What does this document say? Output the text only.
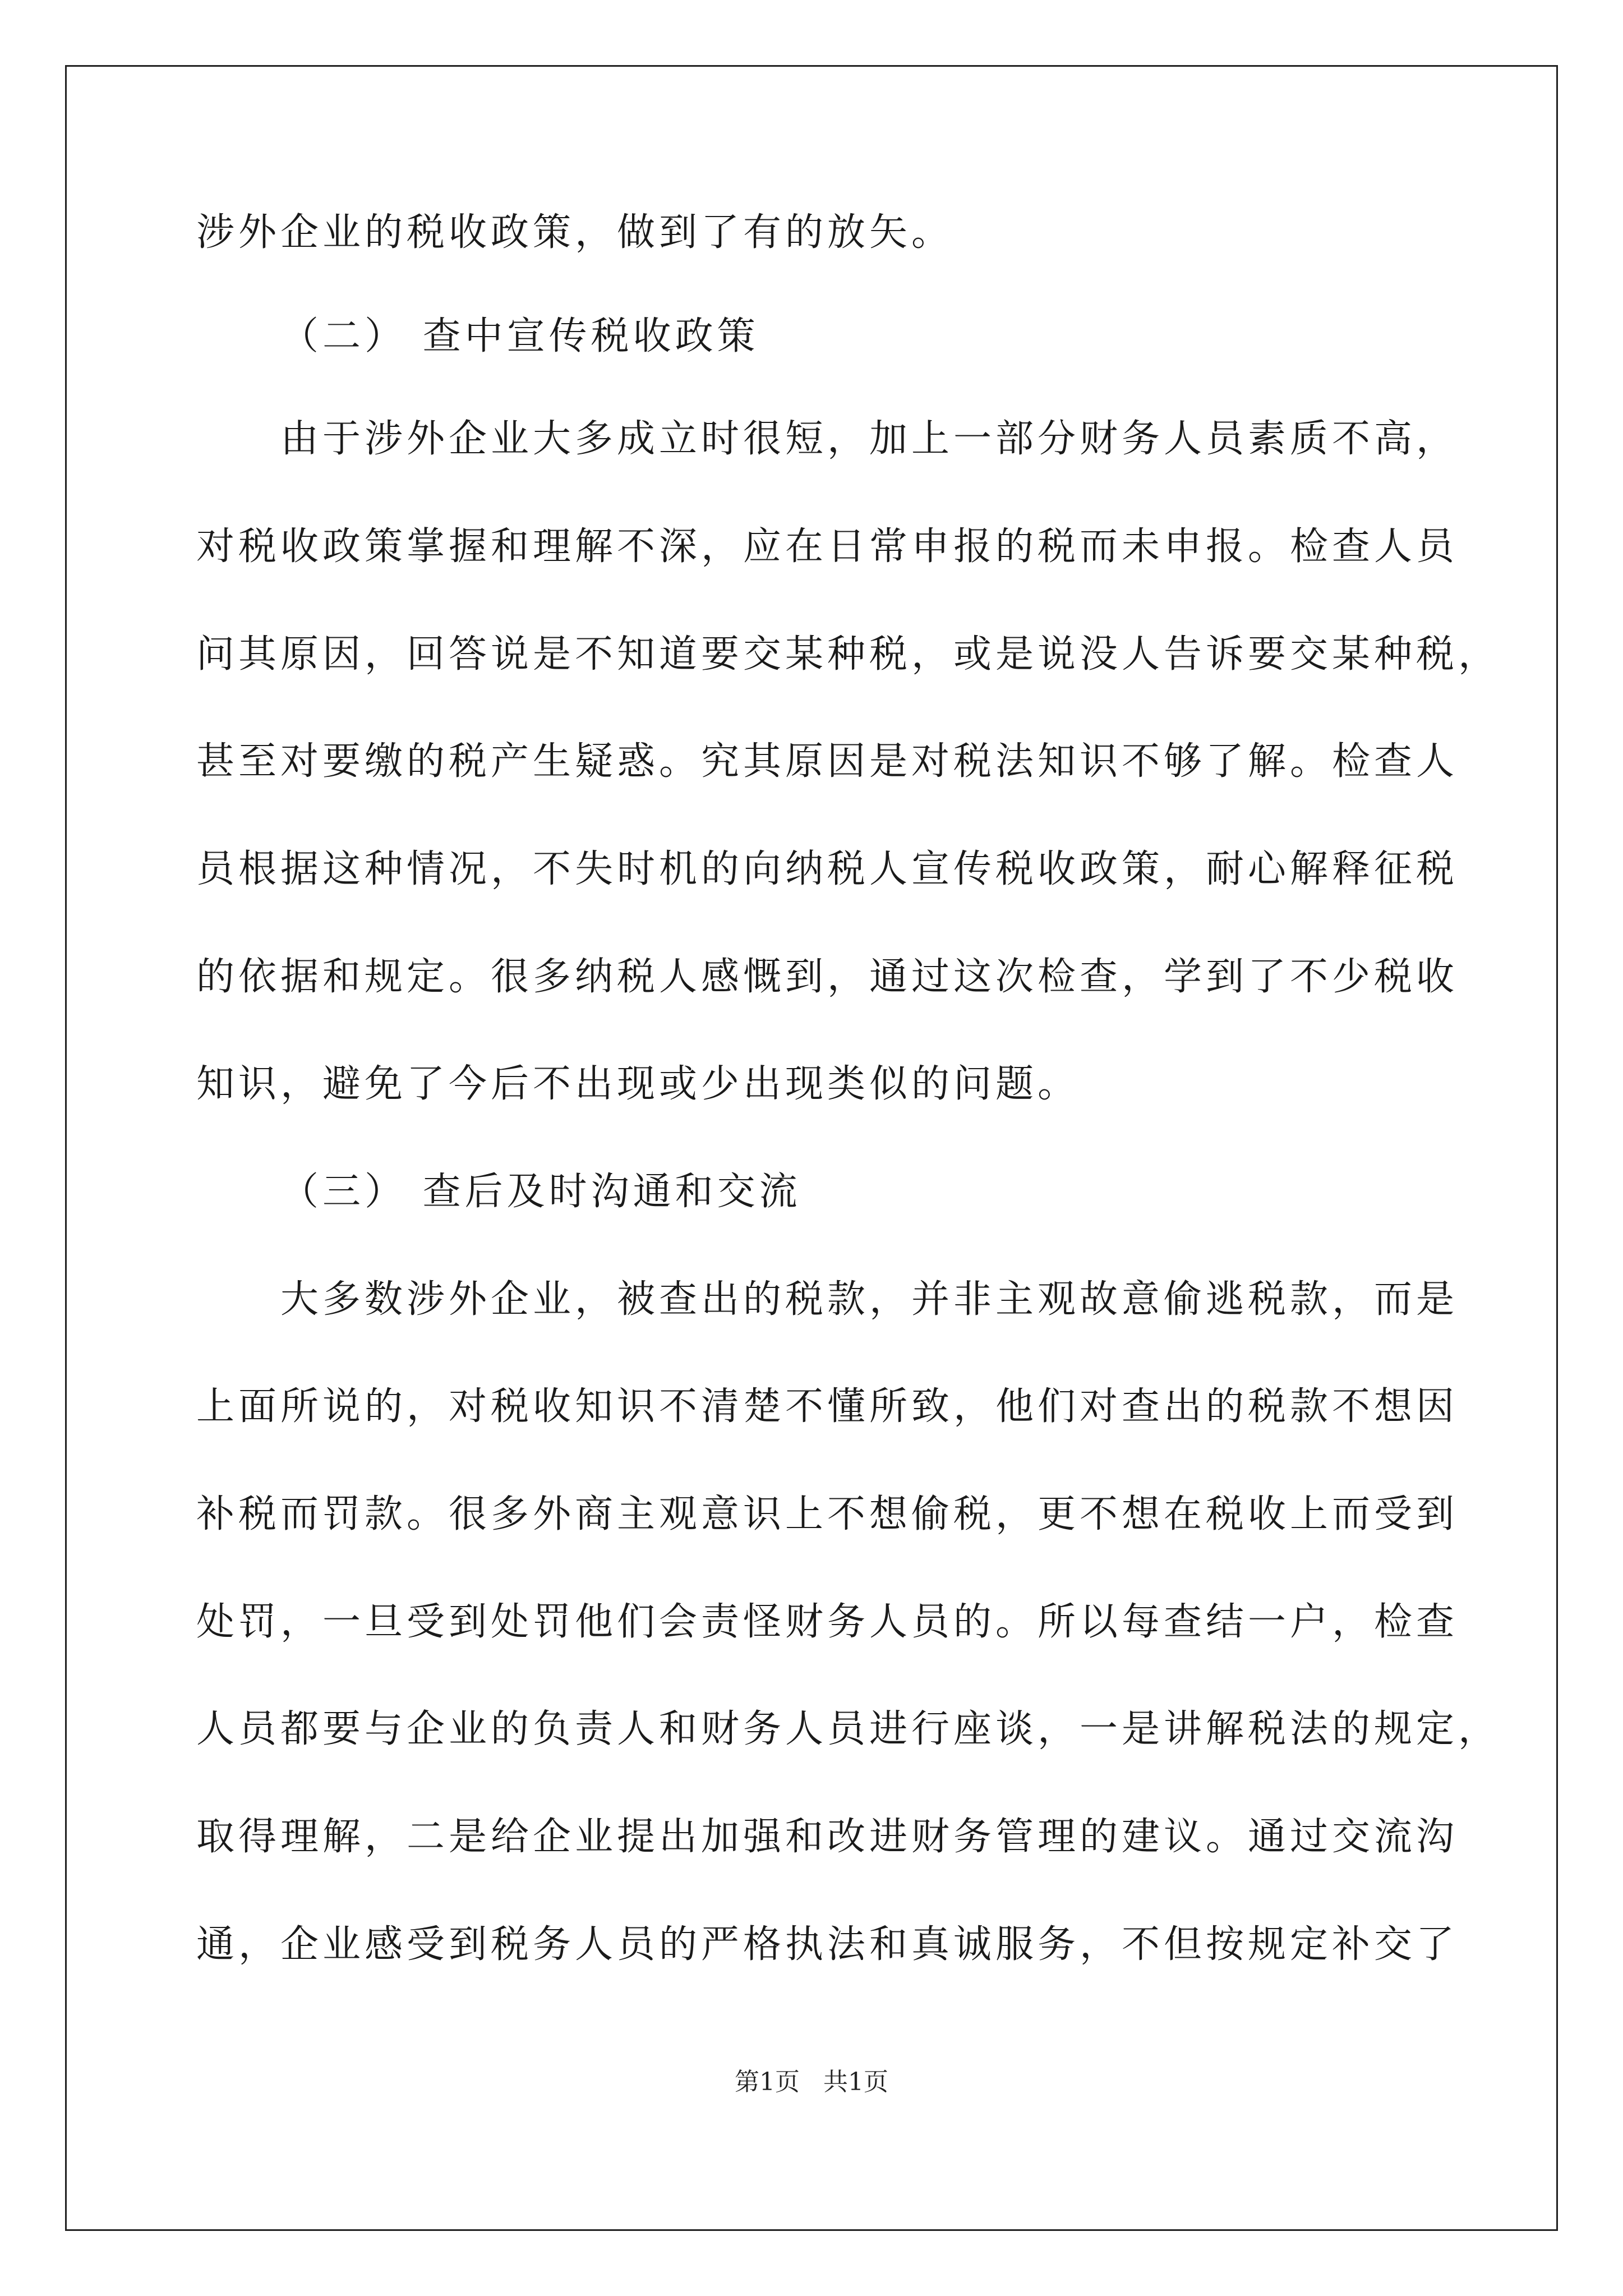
涉外企业的税收政策，做到了有的放矢。

（二） 查中宣传税收政策

由于涉外企业大多成立时很短，加上一部分财务人员素质不高，

对税收政策掌握和理解不深，应在日常申报的税而未申报。检查人员

问其原因，回答说是不知道要交某种税，或是说没人告诉要交某种税，

甚至对要缴的税产生疑惑。究其原因是对税法知识不够了解。检查人

员根据这种情况，不失时机的向纳税人宣传税收政策，耐心解释征税

的依据和规定。很多纳税人感慨到，通过这次检查，学到了不少税收

知识，避免了今后不出现或少出现类似的问题。

（三） 查后及时沟通和交流

大多数涉外企业，被查出的税款，并非主观故意偷逃税款，而是

上面所说的，对税收知识不清楚不懂所致，他们对查出的税款不想因

补税而罚款。很多外商主观意识上不想偷税，更不想在税收上而受到

处罚，一旦受到处罚他们会责怪财务人员的。所以每查结一户，检查

人员都要与企业的负责人和财务人员进行座谈，一是讲解税法的规定，

取得理解，二是给企业提出加强和改进财务管理的建议。通过交流沟

通，企业感受到税务人员的严格执法和真诚服务，不但按规定补交了

第1页   共1页
